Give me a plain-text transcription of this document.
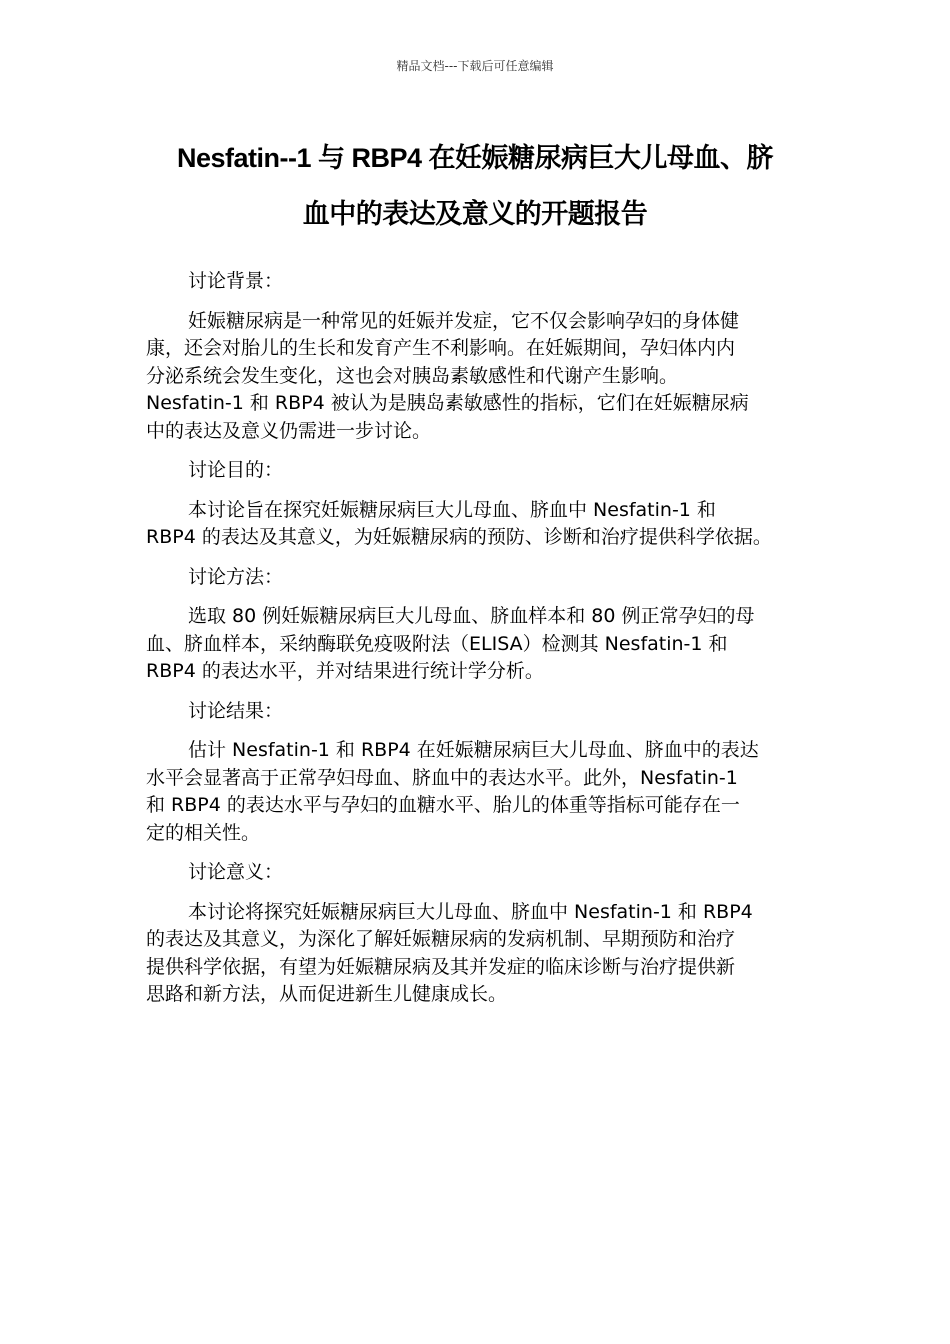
精品文档---下载后可任意编辑
Nesfatin--1 与 RBP4 在妊娠糖尿病巨大儿母血、脐
血中的表达及意义的开题报告
讨论背景：
妊娠糖尿病是一种常见的妊娠并发症，它不仅会影响孕妇的身体健
康，还会对胎儿的生长和发育产生不利影响。在妊娠期间，孕妇体内内
分泌系统会发生变化，这也会对胰岛素敏感性和代谢产生影响。
Nesfatin-1 和 RBP4 被认为是胰岛素敏感性的指标，它们在妊娠糖尿病
中的表达及意义仍需进一步讨论。
讨论目的：
本讨论旨在探究妊娠糖尿病巨大儿母血、脐血中 Nesfatin-1 和
RBP4 的表达及其意义，为妊娠糖尿病的预防、诊断和治疗提供科学依据。
讨论方法：
选取 80 例妊娠糖尿病巨大儿母血、脐血样本和 80 例正常孕妇的母
血、脐血样本，采纳酶联免疫吸附法（ELISA）检测其 Nesfatin-1 和
RBP4 的表达水平，并对结果进行统计学分析。
讨论结果：
估计 Nesfatin-1 和 RBP4 在妊娠糖尿病巨大儿母血、脐血中的表达
水平会显著高于正常孕妇母血、脐血中的表达水平。此外，Nesfatin-1
和 RBP4 的表达水平与孕妇的血糖水平、胎儿的体重等指标可能存在一
定的相关性。
讨论意义：
本讨论将探究妊娠糖尿病巨大儿母血、脐血中 Nesfatin-1 和 RBP4
的表达及其意义，为深化了解妊娠糖尿病的发病机制、早期预防和治疗
提供科学依据，有望为妊娠糖尿病及其并发症的临床诊断与治疗提供新
思路和新方法，从而促进新生儿健康成长。
